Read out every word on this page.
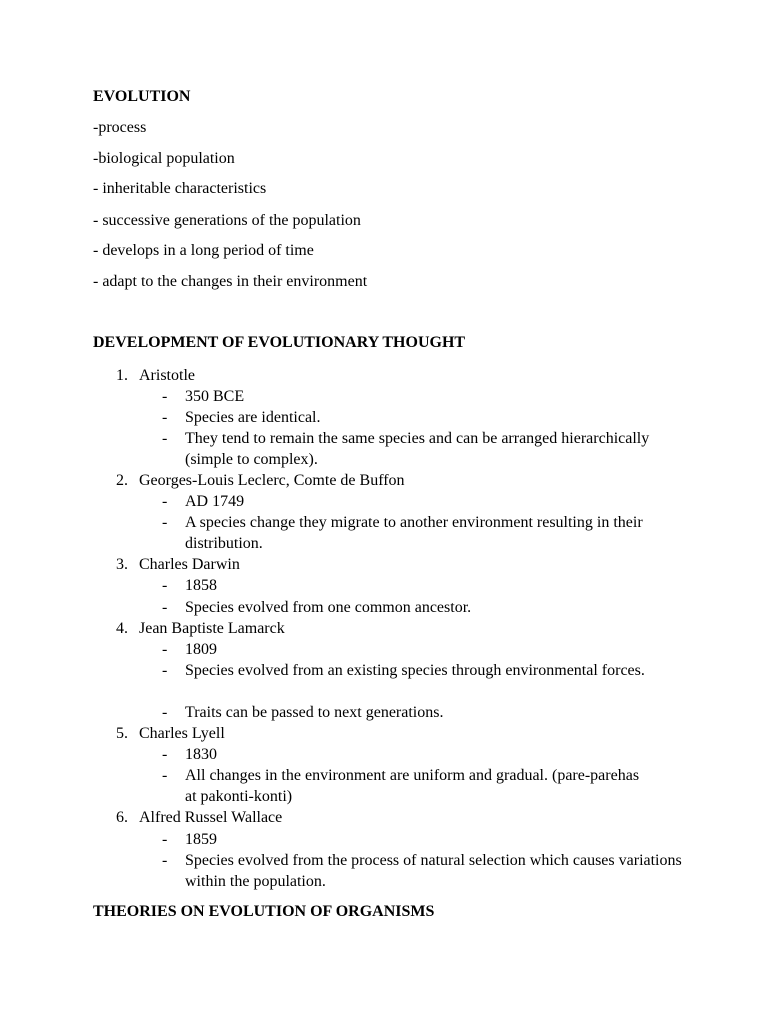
EVOLUTION
-process
-biological population
- inheritable characteristics
- successive generations of the population
- develops in a long period of time
- adapt to the changes in their environment
DEVELOPMENT OF EVOLUTIONARY THOUGHT
1. Aristotle
- 350 BCE
- Species are identical.
- They tend to remain the same species and can be arranged hierarchically (simple to complex).
2. Georges-Louis Leclerc, Comte de Buffon
- AD 1749
- A species change they migrate to another environment resulting in their distribution.
3. Charles Darwin
- 1858
- Species evolved from one common ancestor.
4. Jean Baptiste Lamarck
- 1809
- Species evolved from an existing species through environmental forces.
- Traits can be passed to next generations.
5. Charles Lyell
- 1830
- All changes in the environment are uniform and gradual. (pare-parehas at pakonti-konti)
6. Alfred Russel Wallace
- 1859
- Species evolved from the process of natural selection which causes variations within the population.
THEORIES ON EVOLUTION OF ORGANISMS
